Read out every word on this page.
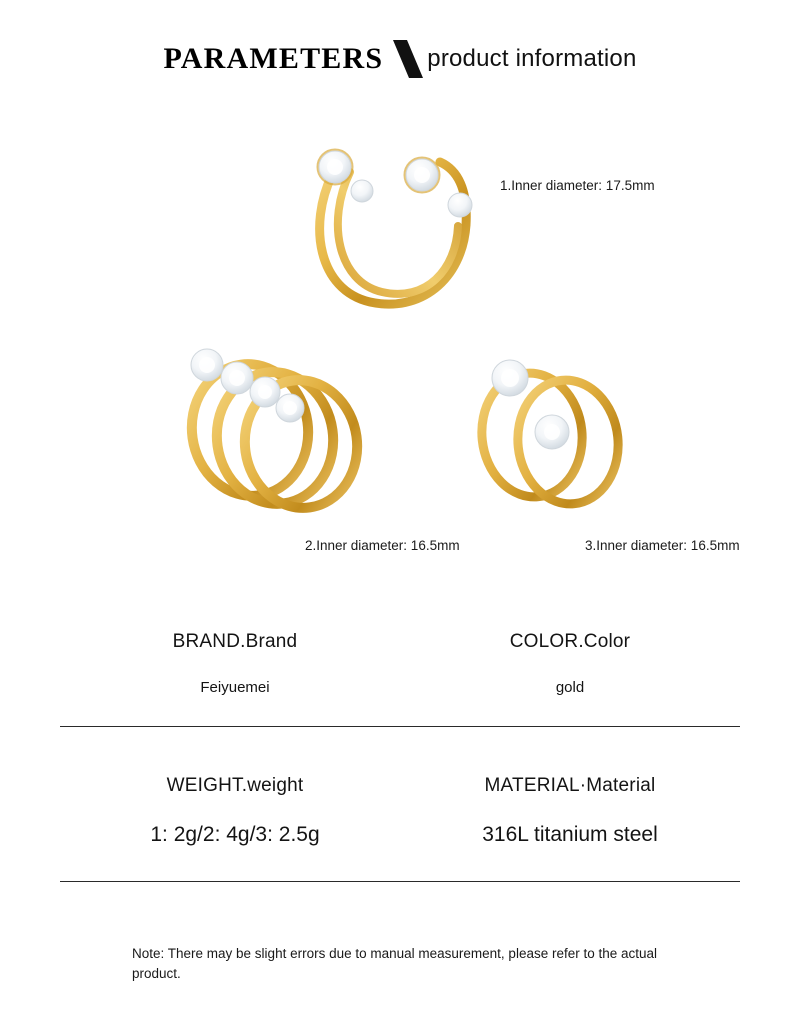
PARAMETERS product information
1.Inner diameter: 17.5mm
2.Inner diameter: 16.5mm	3.Inner diameter: 16.5mm
BRAND.Brand
Feiyuemei
COLOR.Color
gold
WEIGHT.weight
1: 2g/2: 4g/3: 2.5g
MATERIAL·Material
316L titanium steel
Note: There may be slight errors due to manual measurement, please refer to the actual product.
